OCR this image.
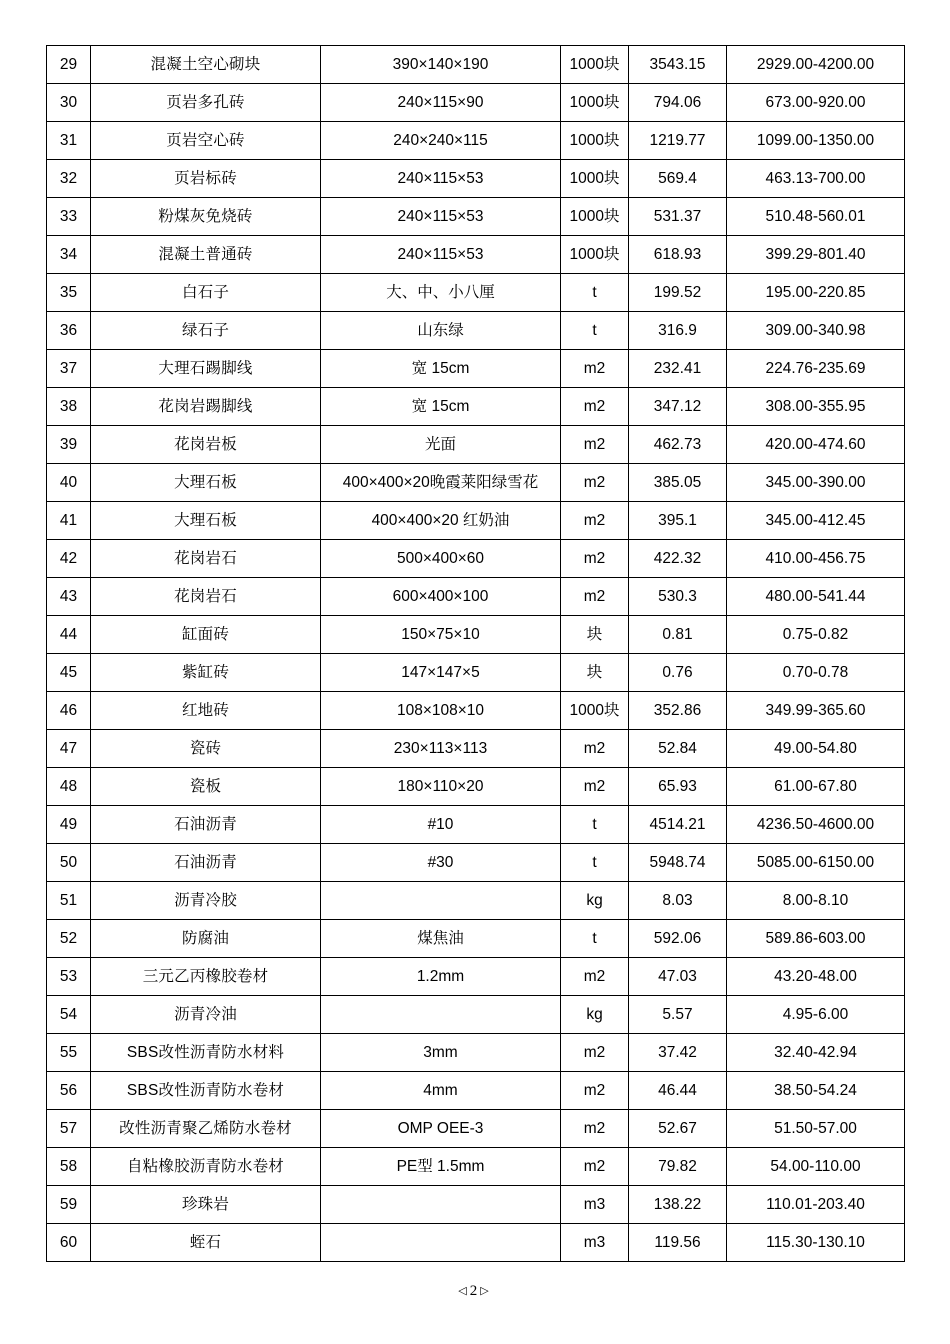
29	混凝土空心砌块	390×140×190	1000块	3543.15	2929.00-4200.00
30	页岩多孔砖	240×115×90	1000块	794.06	673.00-920.00
31	页岩空心砖	240×240×115	1000块	1219.77	1099.00-1350.00
32	页岩标砖	240×115×53	1000块	569.4	463.13-700.00
33	粉煤灰免烧砖	240×115×53	1000块	531.37	510.48-560.01
34	混凝土普通砖	240×115×53	1000块	618.93	399.29-801.40
35	白石子	大、中、小八厘	t	199.52	195.00-220.85
36	绿石子	山东绿	t	316.9	309.00-340.98
37	大理石踢脚线	宽 15cm	m2	232.41	224.76-235.69
38	花岗岩踢脚线	宽 15cm	m2	347.12	308.00-355.95
39	花岗岩板	光面	m2	462.73	420.00-474.60
40	大理石板	400×400×20晚霞莱阳绿雪花	m2	385.05	345.00-390.00
41	大理石板	400×400×20 红奶油	m2	395.1	345.00-412.45
42	花岗岩石	500×400×60	m2	422.32	410.00-456.75
43	花岗岩石	600×400×100	m2	530.3	480.00-541.44
44	缸面砖	150×75×10	块	0.81	0.75-0.82
45	紫缸砖	147×147×5	块	0.76	0.70-0.78
46	红地砖	108×108×10	1000块	352.86	349.99-365.60
47	瓷砖	230×113×113	m2	52.84	49.00-54.80
48	瓷板	180×110×20	m2	65.93	61.00-67.80
49	石油沥青	#10	t	4514.21	4236.50-4600.00
50	石油沥青	#30	t	5948.74	5085.00-6150.00
51	沥青冷胶		kg	8.03	8.00-8.10
52	防腐油	煤焦油	t	592.06	589.86-603.00
53	三元乙丙橡胶卷材	1.2mm	m2	47.03	43.20-48.00
54	沥青冷油		kg	5.57	4.95-6.00
55	SBS改性沥青防水材料	3mm	m2	37.42	32.40-42.94
56	SBS改性沥青防水卷材	4mm	m2	46.44	38.50-54.24
57	改性沥青聚乙烯防水卷材	OMP OEE-3	m2	52.67	51.50-57.00
58	自粘橡胶沥青防水卷材	PE型 1.5mm	m2	79.82	54.00-110.00
59	珍珠岩		m3	138.22	110.01-203.40
60	蛭石		m3	119.56	115.30-130.10
◁2▷
